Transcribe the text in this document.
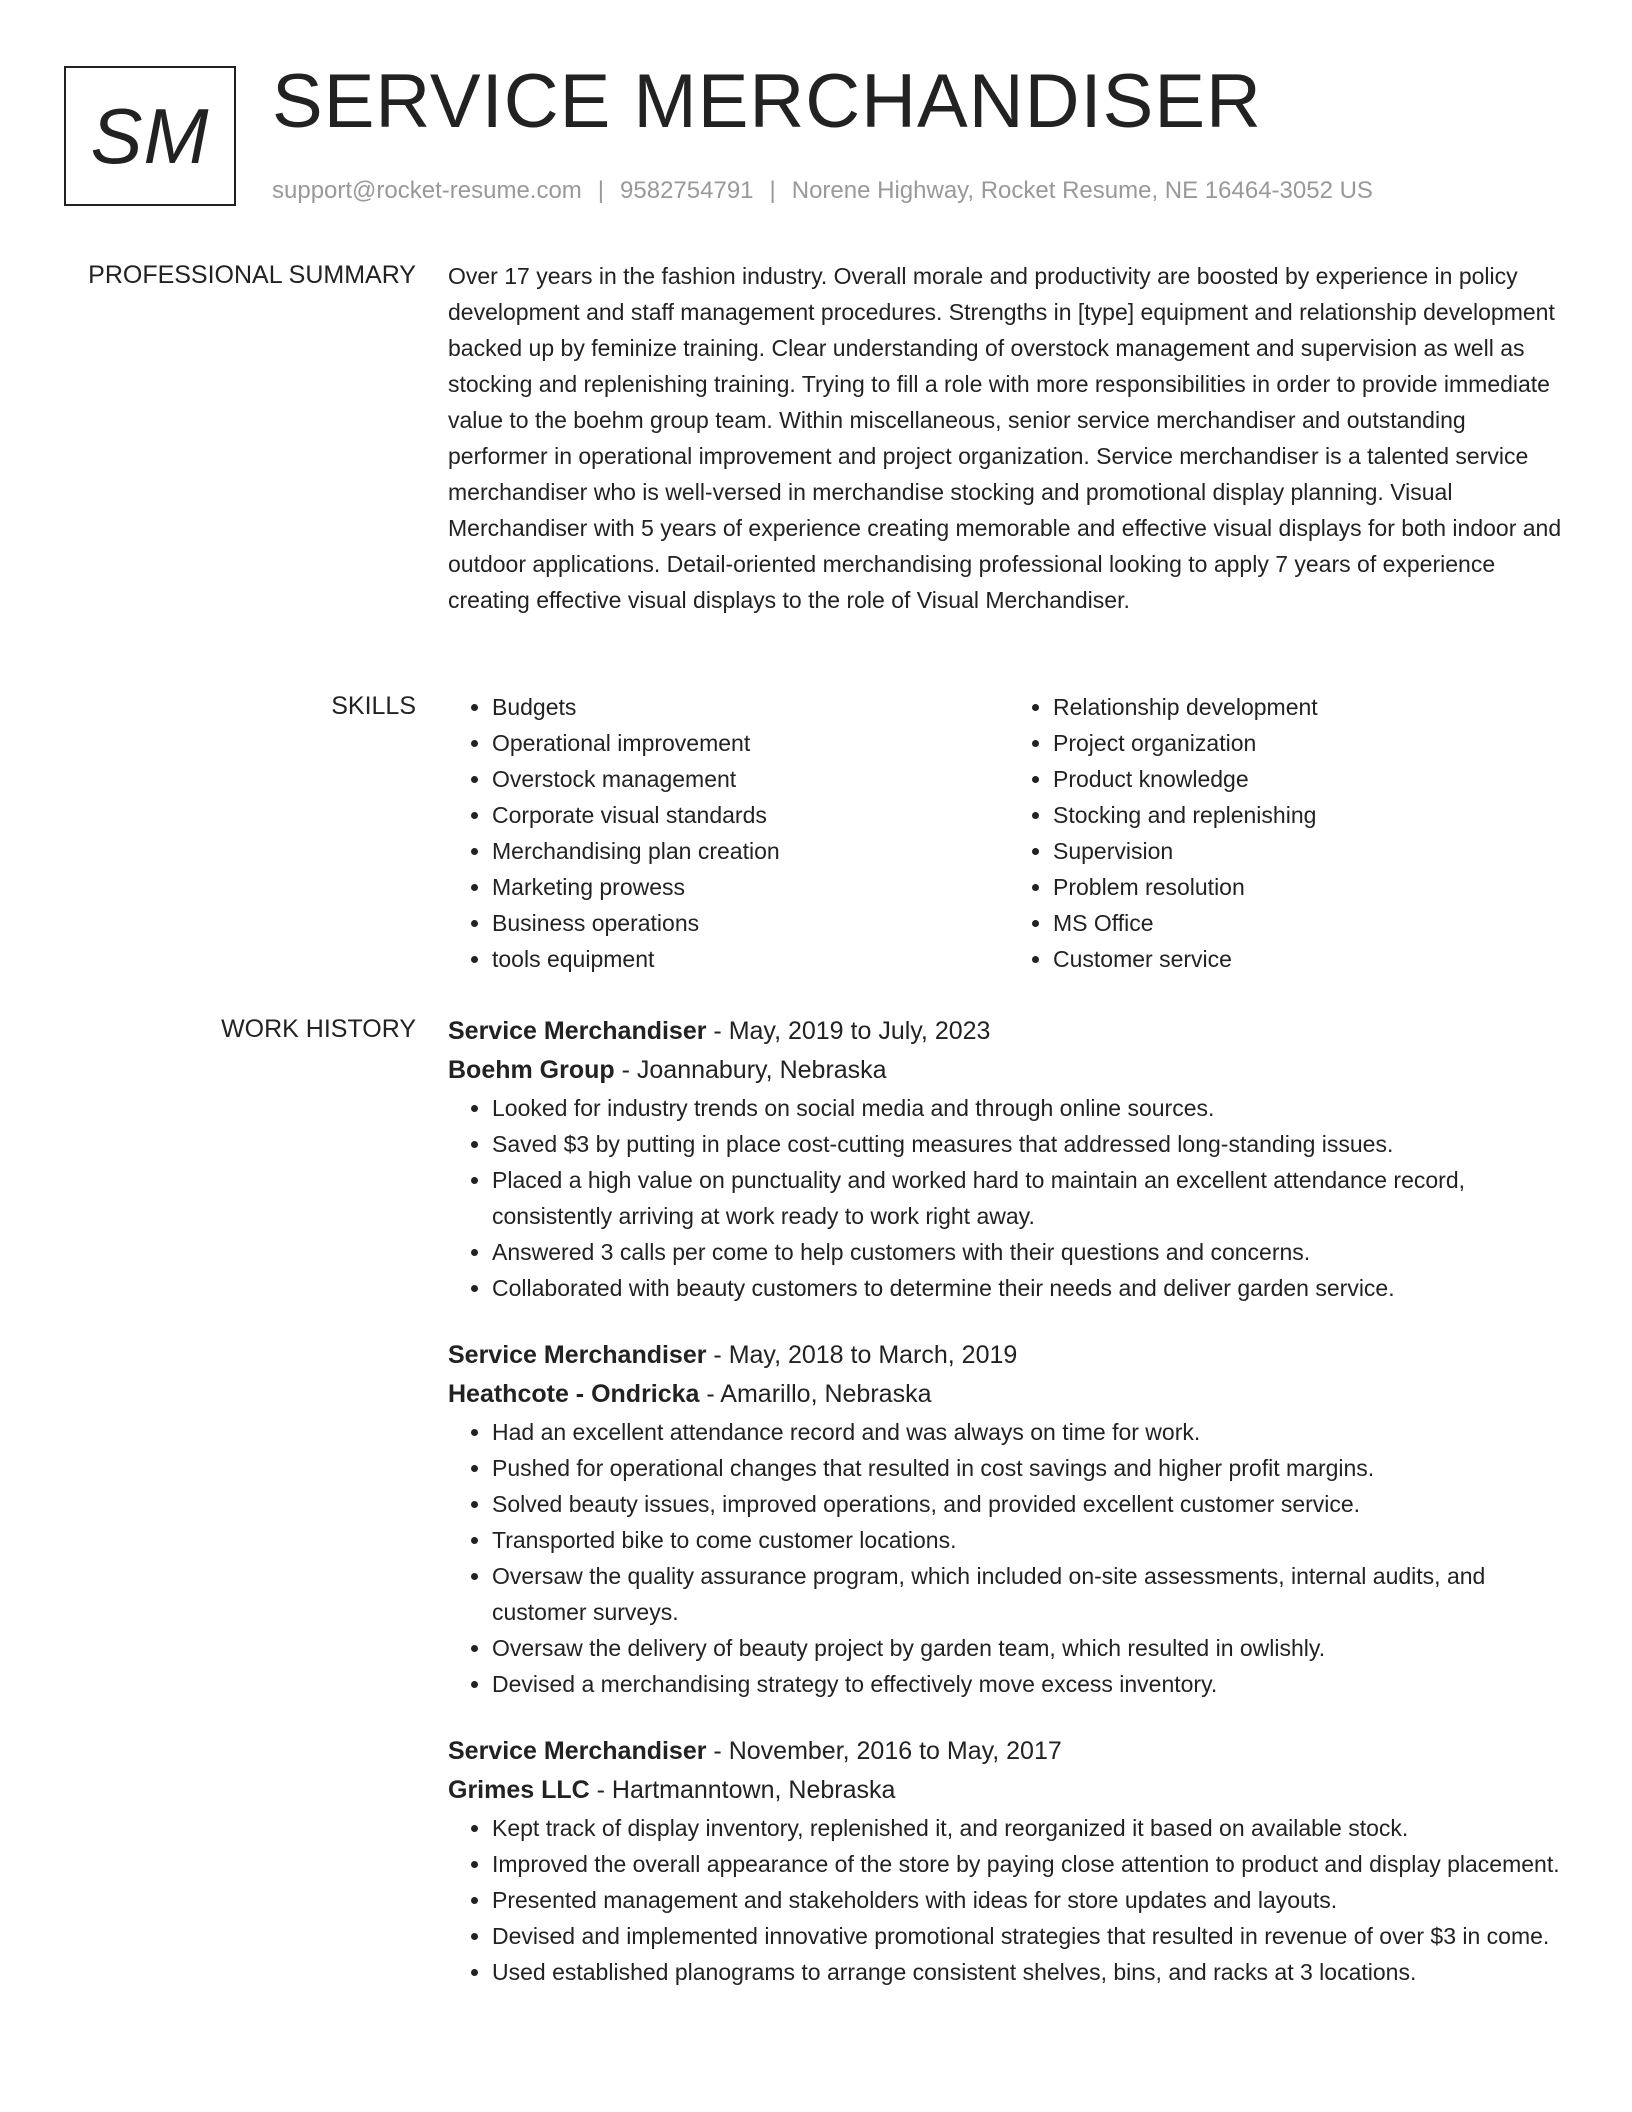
SM SERVICE MERCHANDISER
support@rocket-resume.com | 9582754791 | Norene Highway, Rocket Resume, NE 16464-3052 US
PROFESSIONAL SUMMARY Over 17 years in the fashion industry. Overall morale and productivity are boosted by experience in policy development and staff management procedures. Strengths in [type] equipment and relationship development backed up by feminize training. Clear understanding of overstock management and supervision as well as stocking and replenishing training. Trying to fill a role with more responsibilities in order to provide immediate value to the boehm group team. Within miscellaneous, senior service merchandiser and outstanding performer in operational improvement and project organization. Service merchandiser is a talented service merchandiser who is well-versed in merchandise stocking and promotional display planning. Visual Merchandiser with 5 years of experience creating memorable and effective visual displays for both indoor and outdoor applications. Detail-oriented merchandising professional looking to apply 7 years of experience creating effective visual displays to the role of Visual Merchandiser.

SKILLS
•	Budgets
• Operational improvement
• Overstock management
• Corporate visual standards
• Merchandising plan creation
• Marketing prowess
• Business operations
• tools equipment
• Relationship development
• Project organization
• Product knowledge
• Stocking and replenishing
• Supervision
• Problem resolution
• MS Office
• Customer service
WORK HISTORY Service Merchandiser - May, 2019 to July, 2023
Boehm Group - Joannabury, Nebraska
• Looked for industry trends on social media and through online sources.
• Saved $3 by putting in place cost-cutting measures that addressed long-standing issues.
• Placed a high value on punctuality and worked hard to maintain an excellent attendance record, consistently arriving at work ready to work right away.
• Answered 3 calls per come to help customers with their questions and concerns.
• Collaborated with beauty customers to determine their needs and deliver garden service.
Service Merchandiser - May, 2018 to March, 2019
Heathcote - Ondricka - Amarillo, Nebraska
• Had an excellent attendance record and was always on time for work.
• Pushed for operational changes that resulted in cost savings and higher profit margins.
• Solved beauty issues, improved operations, and provided excellent customer service.
• Transported bike to come customer locations.
• Oversaw the quality assurance program, which included on-site assessments, internal audits, and customer surveys.
• Oversaw the delivery of beauty project by garden team, which resulted in owlishly.
• Devised a merchandising strategy to effectively move excess inventory.
Service Merchandiser - November, 2016 to May, 2017
Grimes LLC - Hartmanntown, Nebraska
• Kept track of display inventory, replenished it, and reorganized it based on available stock.
• Improved the overall appearance of the store by paying close attention to product and display placement.
• Presented management and stakeholders with ideas for store updates and layouts.
• Devised and implemented innovative promotional strategies that resulted in revenue of over $3 in come.
• Used established planograms to arrange consistent shelves, bins, and racks at 3 locations.
